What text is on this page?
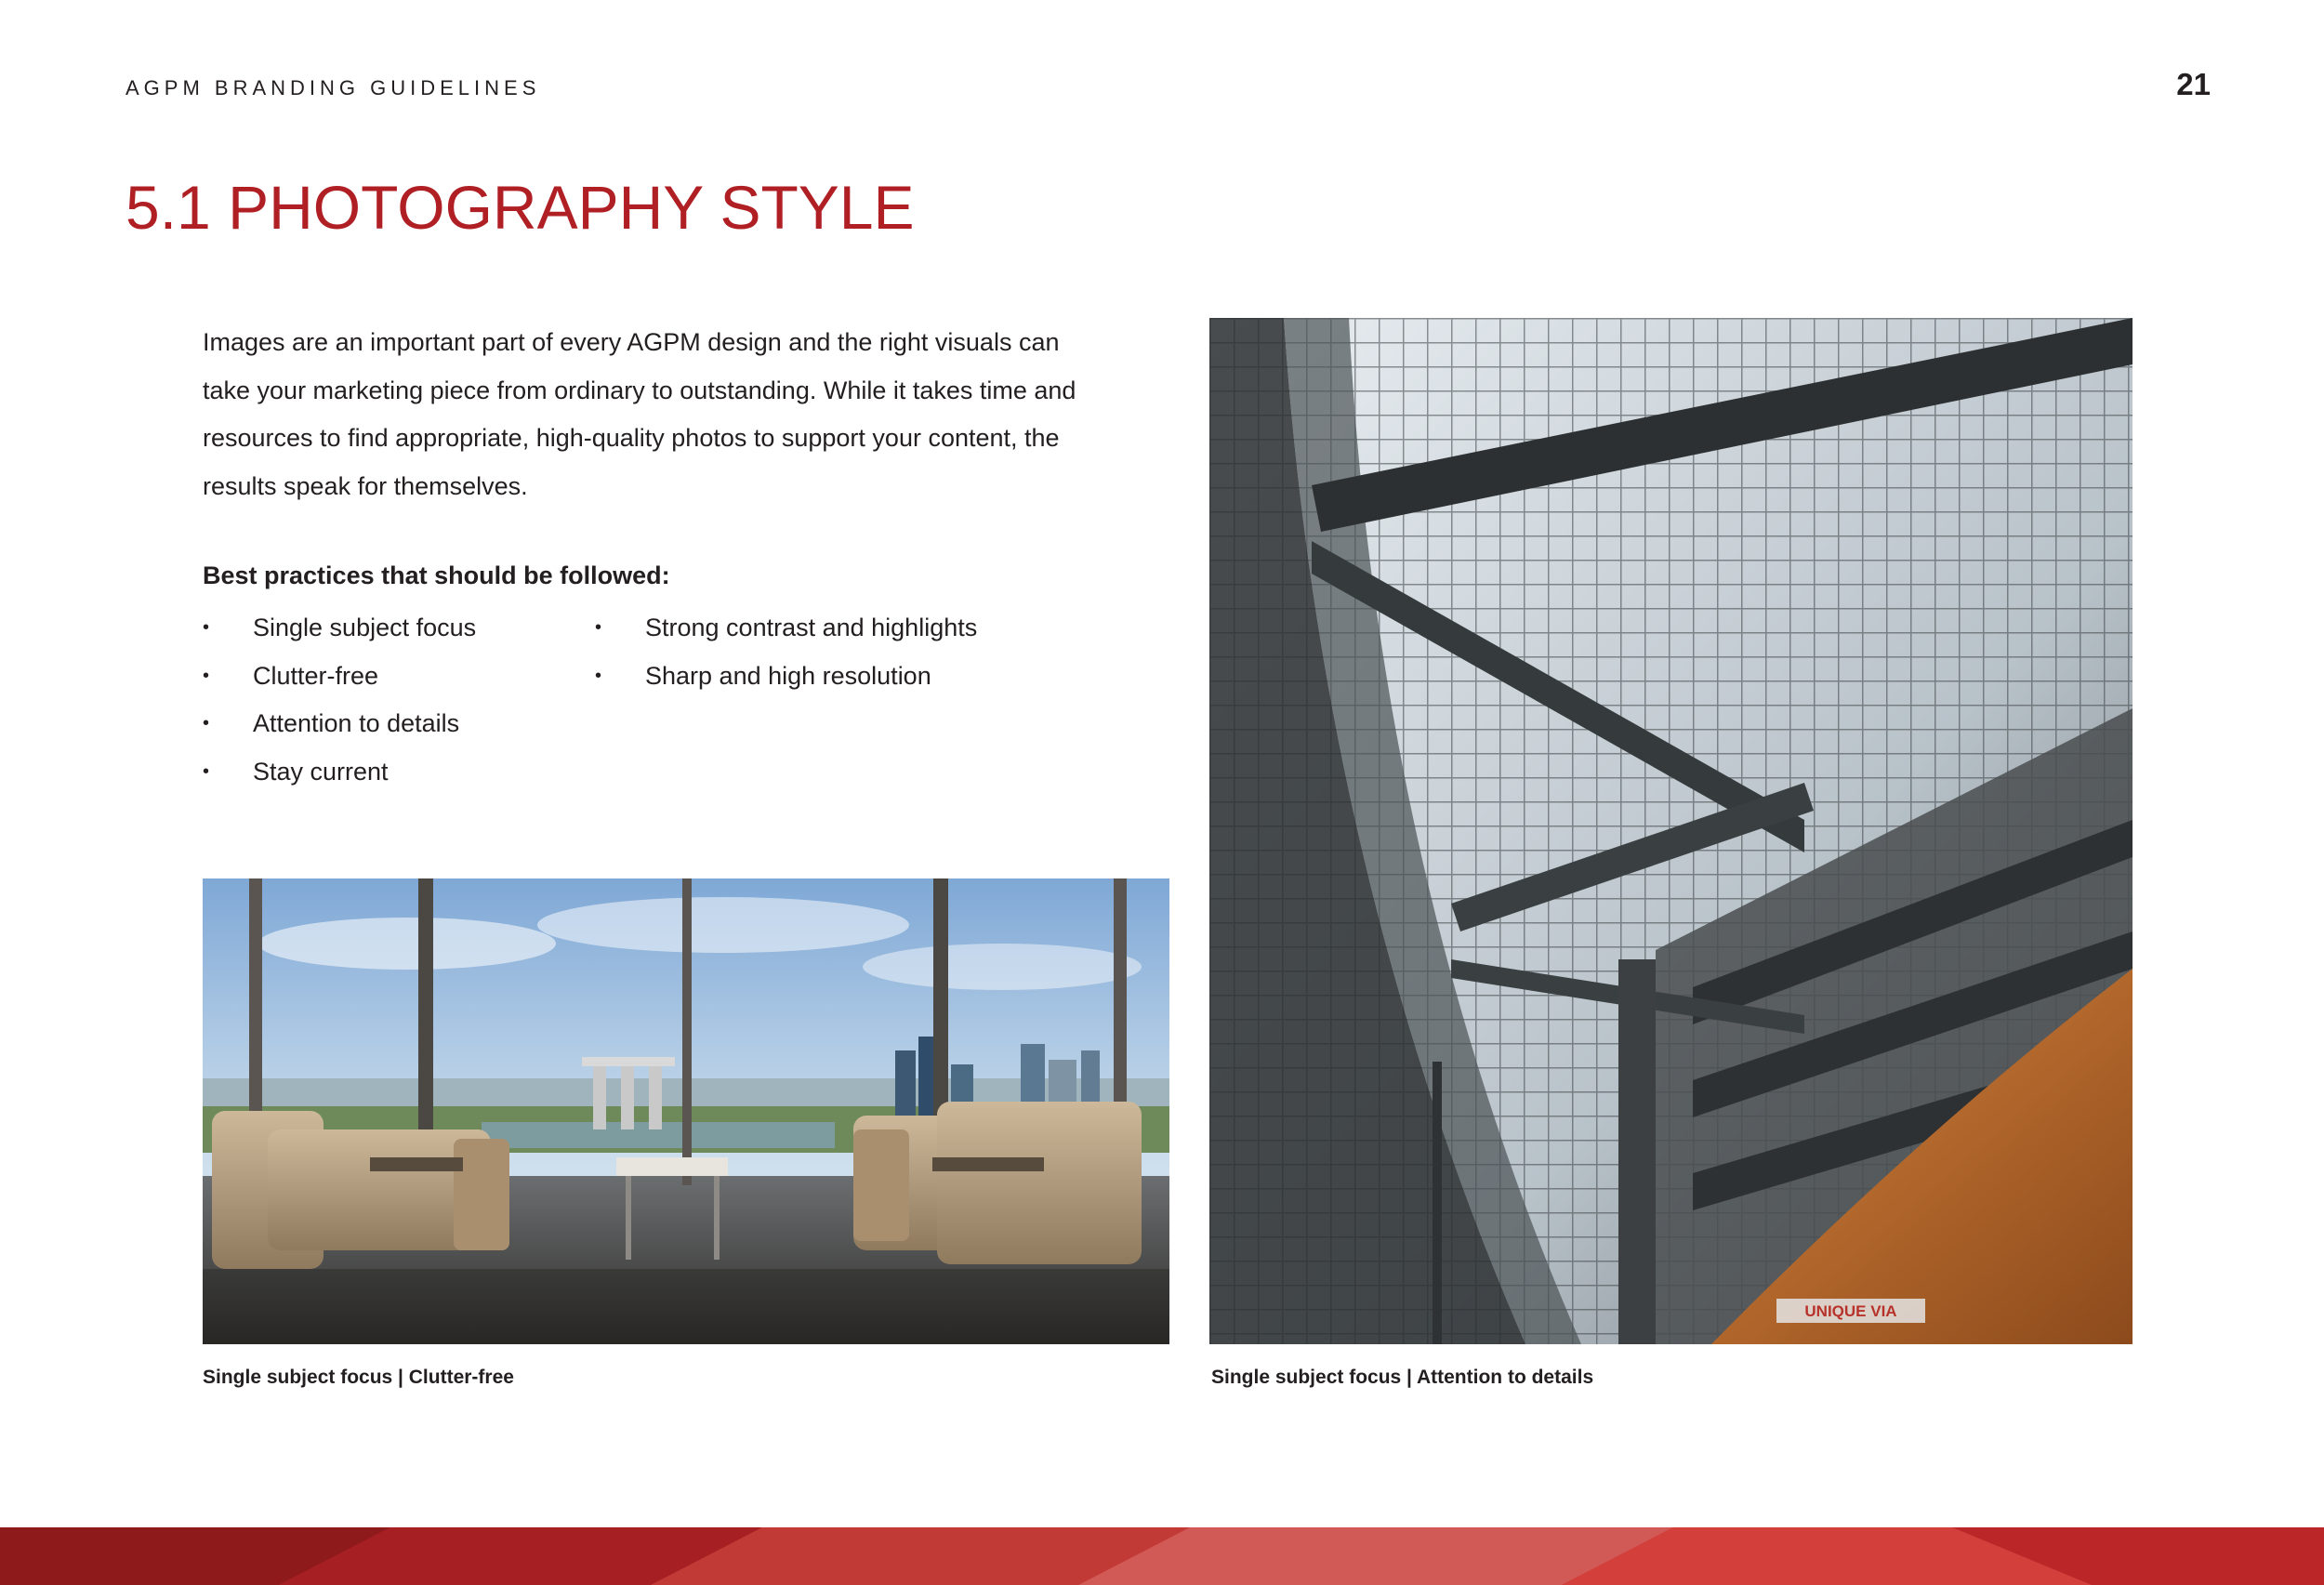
AGPM BRANDING GUIDELINES	21
5.1 PHOTOGRAPHY STYLE

Images are an important part of every AGPM design and the right visuals can take your marketing piece from ordinary to outstanding. While it takes time and resources to find appropriate, high-quality photos to support your content, the results speak for themselves.

Best practices that should be followed:

• Single subject focus
• Clutter-free
• Attention to details
• Stay current
• Strong contrast and highlights
• Sharp and high resolution
UNIQUE VIA

Single subject focus | Clutter-free	Single subject focus | Attention to details
